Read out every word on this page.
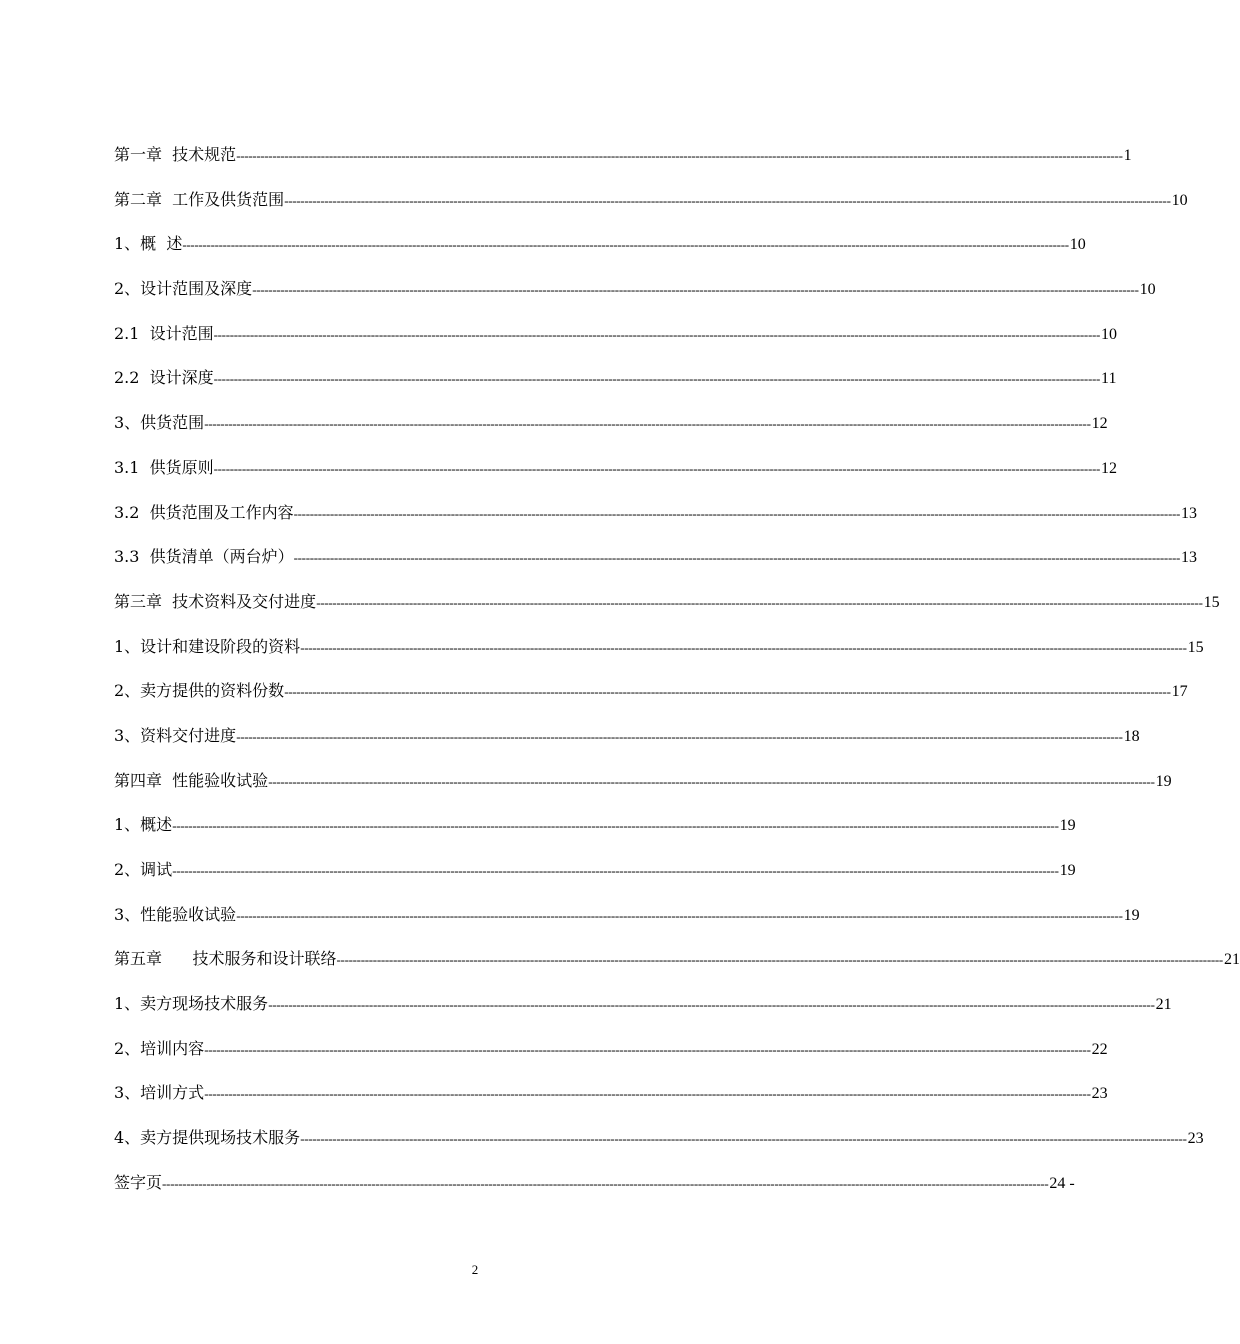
第一章  技术规范 ---------------------------------------------------------------------------------------------------------------------------------------------------------------------------------------------------------------------------- 1
第二章  工作及供货范围 ---------------------------------------------------------------------------------------------------------------------------------------------------------------------------------------------------------------------------- 10
1、概  述 ---------------------------------------------------------------------------------------------------------------------------------------------------------------------------------------------------------------------------- 10
2、设计范围及深度 ---------------------------------------------------------------------------------------------------------------------------------------------------------------------------------------------------------------------------- 10
2.1  设计范围 ---------------------------------------------------------------------------------------------------------------------------------------------------------------------------------------------------------------------------- 10
2.2  设计深度 ---------------------------------------------------------------------------------------------------------------------------------------------------------------------------------------------------------------------------- 11
3、供货范围 ---------------------------------------------------------------------------------------------------------------------------------------------------------------------------------------------------------------------------- 12
3.1  供货原则 ---------------------------------------------------------------------------------------------------------------------------------------------------------------------------------------------------------------------------- 12
3.2  供货范围及工作内容 ---------------------------------------------------------------------------------------------------------------------------------------------------------------------------------------------------------------------------- 13
3.3  供货清单（两台炉） ---------------------------------------------------------------------------------------------------------------------------------------------------------------------------------------------------------------------------- 13
第三章  技术资料及交付进度 ---------------------------------------------------------------------------------------------------------------------------------------------------------------------------------------------------------------------------- 15
1、设计和建设阶段的资料 ---------------------------------------------------------------------------------------------------------------------------------------------------------------------------------------------------------------------------- 15
2、卖方提供的资料份数 ---------------------------------------------------------------------------------------------------------------------------------------------------------------------------------------------------------------------------- 17
3、资料交付进度 ---------------------------------------------------------------------------------------------------------------------------------------------------------------------------------------------------------------------------- 18
第四章  性能验收试验 ---------------------------------------------------------------------------------------------------------------------------------------------------------------------------------------------------------------------------- 19
1、概述 ---------------------------------------------------------------------------------------------------------------------------------------------------------------------------------------------------------------------------- 19
2、调试 ---------------------------------------------------------------------------------------------------------------------------------------------------------------------------------------------------------------------------- 19
3、性能验收试验 ---------------------------------------------------------------------------------------------------------------------------------------------------------------------------------------------------------------------------- 19
第五章      技术服务和设计联络 ---------------------------------------------------------------------------------------------------------------------------------------------------------------------------------------------------------------------------- 21
1、卖方现场技术服务 ---------------------------------------------------------------------------------------------------------------------------------------------------------------------------------------------------------------------------- 21
2、培训内容 ---------------------------------------------------------------------------------------------------------------------------------------------------------------------------------------------------------------------------- 22
3、培训方式 ---------------------------------------------------------------------------------------------------------------------------------------------------------------------------------------------------------------------------- 23
4、卖方提供现场技术服务 ---------------------------------------------------------------------------------------------------------------------------------------------------------------------------------------------------------------------------- 23
签字页 ---------------------------------------------------------------------------------------------------------------------------------------------------------------------------------------------------------------------------- 24 -
2
